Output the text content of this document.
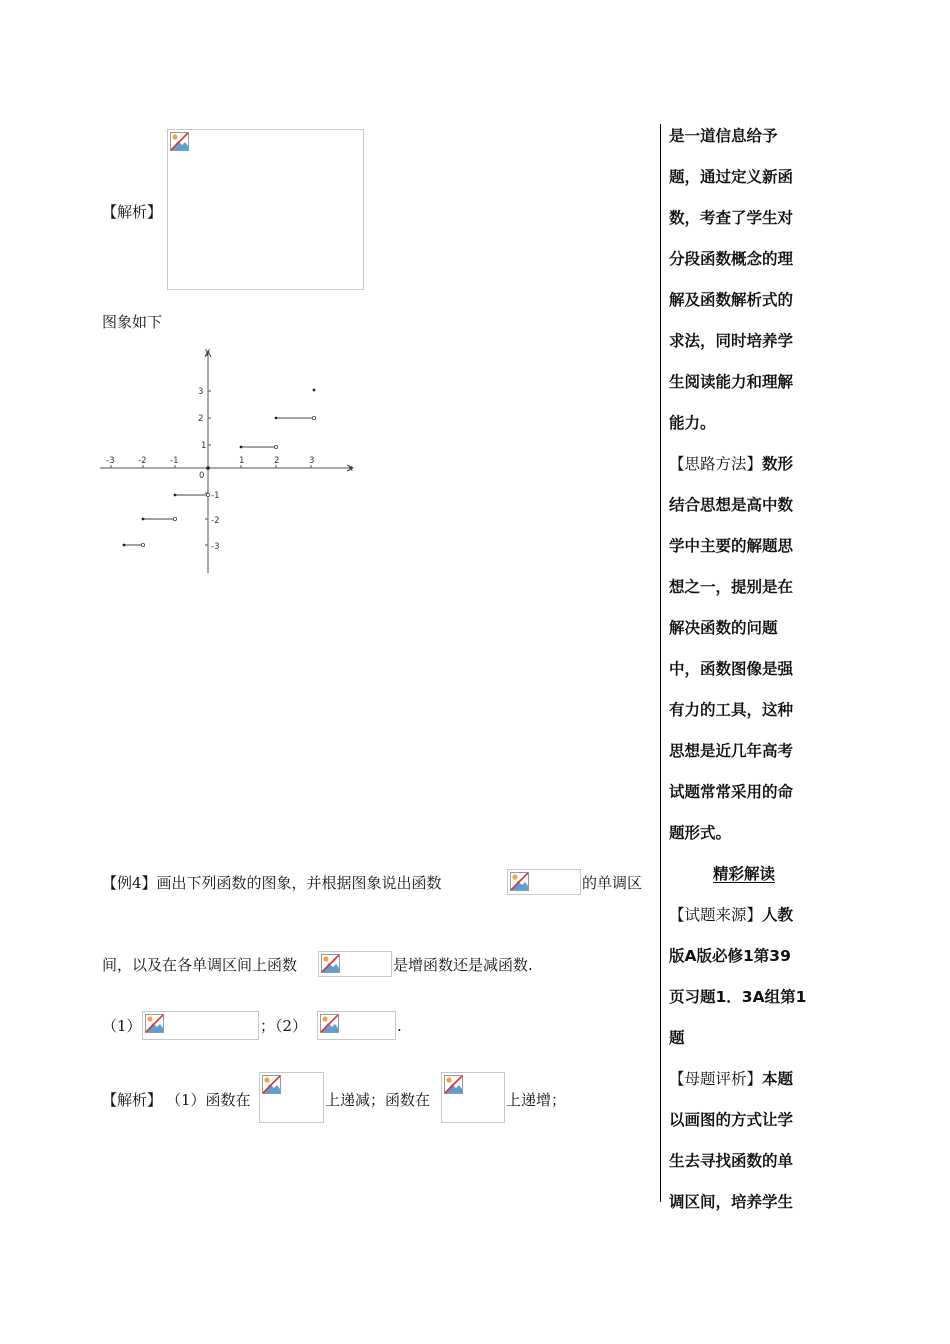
【解析】
图象如下
x
y
0
-3	-2	-1	1	2	3
3
2
1
-1
-2
-3
【例4】画出下列函数的图象，并根据图象说出函数	的单调区
间，以及在各单调区间上函数	是增函数还是减函数.
（1）	；（2）	.
【解析】 （1）函数在	上递减；函数在	上递增；
是一道信息给予
题，通过定义新函
数，考查了学生对
分段函数概念的理
解及函数解析式的
求法，同时培养学
生阅读能力和理解
能力。
【思路方法】数形
结合思想是高中数
学中主要的解题思
想之一，提别是在
解决函数的问题
中，函数图像是强
有力的工具，这种
思想是近几年高考
试题常常采用的命
题形式。
精彩解读
【试题来源】人教
版A版必修1第39
页习题1．3A组第1
题
【母题评析】本题
以画图的方式让学
生去寻找函数的单
调区间，培养学生
